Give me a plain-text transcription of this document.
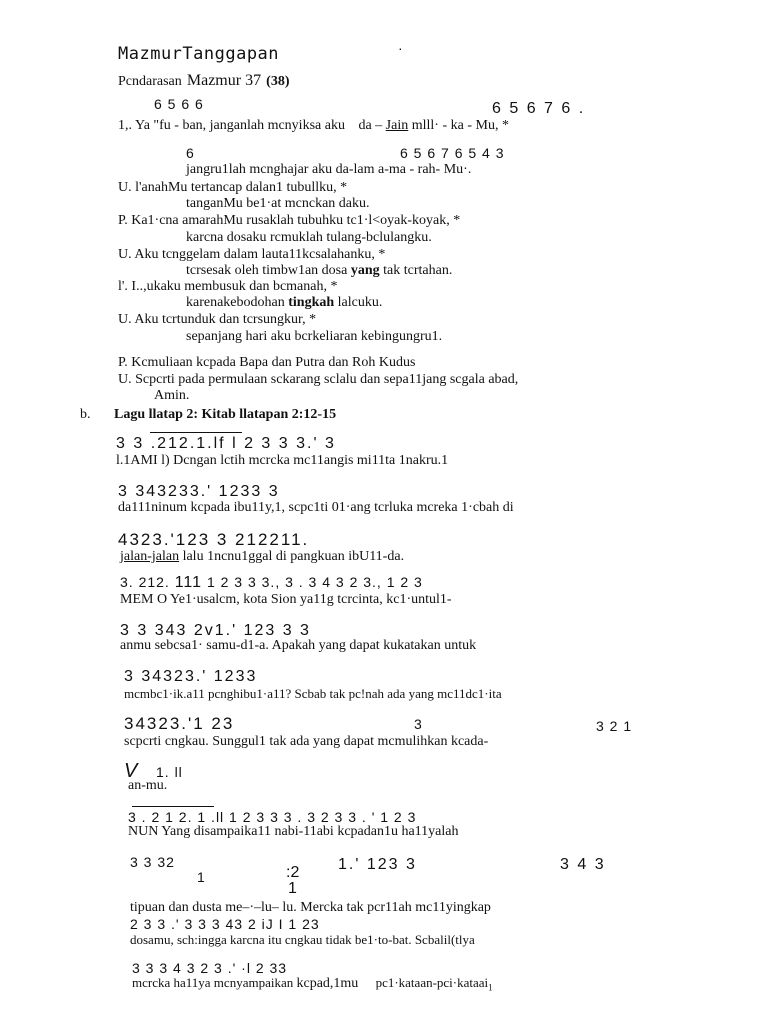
MazmurTanggapan	·
Pcndarasan Mazmur 37 (38)
6 5 6 6	6 5 6 7 6 .
1,. Ya "fu - ban, janganlah mcnyiksa aku da – Jain mlll· - ka - Mu, *
6	6 5 6 7 6 5 4 3
jangru1lah mcnghajar aku da-lam a-ma - rah- Mu·.
U. l'anahMu tertancap dalan1 tubullku, *
tanganMu be1·at mcnckan daku.
P. Ka1·cna amarahMu rusaklah tubuhku tc1·l<oyak-koyak, *
karcna dosaku rcmuklah tulang-bclulangku.
U. Aku tcnggelam dalam lauta11kcsalahanku, *
tcrsesak oleh timbw1an dosa yang tak tcrtahan.
l'. I..,ukaku membusuk dan bcmanah, *
karenakebodohan tingkah lalcuku.
U. Aku tcrtunduk dan tcrsungkur, *
sepanjang hari aku bcrkeliaran kebingungru1.
P. Kcmuliaan kcpada Bapa dan Putra dan Roh Kudus
U. Scpcrti pada permulaan sckarang sclalu dan sepa11jang scgala abad,
Amin.
b. Lagu llatap 2: Kitab llatapan 2:12-15
3 3 .212.1.lf l 2 3 3 3.' 3
l.1AMI l) Dcngan lctih mcrcka mc11angis mi11ta 1nakru.1
3 343233.' 1233 3
da111ninum kcpada ibu11y,1, scpc1ti 01·ang tcrluka mcreka 1·cbah di
4323.'123 3 212211.
jalan-jalan lalu 1ncnu1ggal di pangkuan ibU11-da.
3. 212. 111 1 2 3 3 3., 3 . 3 4 3 2 3., 1 2 3
MEM O Ye1·usalcm, kota Sion ya11g tcrcinta, kc1·untul1-
3 3 343 2v1.' 123 3 3
anmu sebcsa1· samu-d1-a. Apakah yang dapat kukatakan untuk
3 34323.' 1233
mcmbc1·ik.a11 pcnghibu1·a11? Scbab tak pc!nah ada yang mc11dc1·ita
34323.'1 23	3	3 2 1
scpcrti cngkau. Sunggul1 tak ada yang dapat mcmulihkan kcada-
V 1. ll
an-mu.
3 . 2 1 2. 1 .ll 1 2 3 3 3 . 3 2 3 3 . ' 1 2 3
NUN Yang disampaika11 nabi-11abi kcpadan1u ha11yalah
3 3 32
1	:2
1
1.' 123 3	3 4 3
tipuan dan dusta me–·–lu– lu. Mercka tak pcr11ah mc11yingkap
2 3 3 .' 3 3 3 43 2 iJ I 1 23
dosamu, sch:ingga karcna itu cngkau tidak be1·to-bat. Scbalil(tlya
3 3 3 4 3 2 3 .' ·l 2 33
mcrcka ha11ya mcnyampaikan kcpad,1mu pc1·kataan-pci·kataai$_1$
